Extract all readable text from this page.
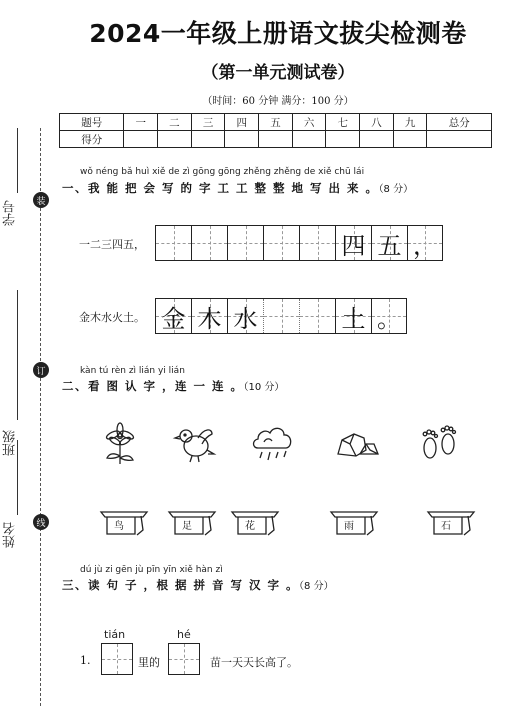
学号	装
班级
订
姓名	线
2024一年级上册语文拔尖检测卷
（第一单元测试卷）
（时间：60 分钟 满分：100 分）
题号	一	二	三	四	五	六	七	八	九	总分
得分										
wǒ néng bǎ huì xiě de zì gōng gōng zhěng zhěng de xiě chū lái
一、我 能 把 会 写 的 字 工 工 整 整 地 写 出 来 。（8 分）
一二三四五，	四 五 ，
金木水火土。 金 木 水	土 。
kàn tú rèn zì lián yi lián
二、看 图 认 字 ，连 一 连 。（10 分）
鸟	足	花	雨	石
dú jù zi gēn jù pīn yīn xiě hàn zì
三、读 句 子 ，根 据 拼 音 写 汉 字 。（8 分）
tián	hé
1.	里的	苗一天天长高了。
